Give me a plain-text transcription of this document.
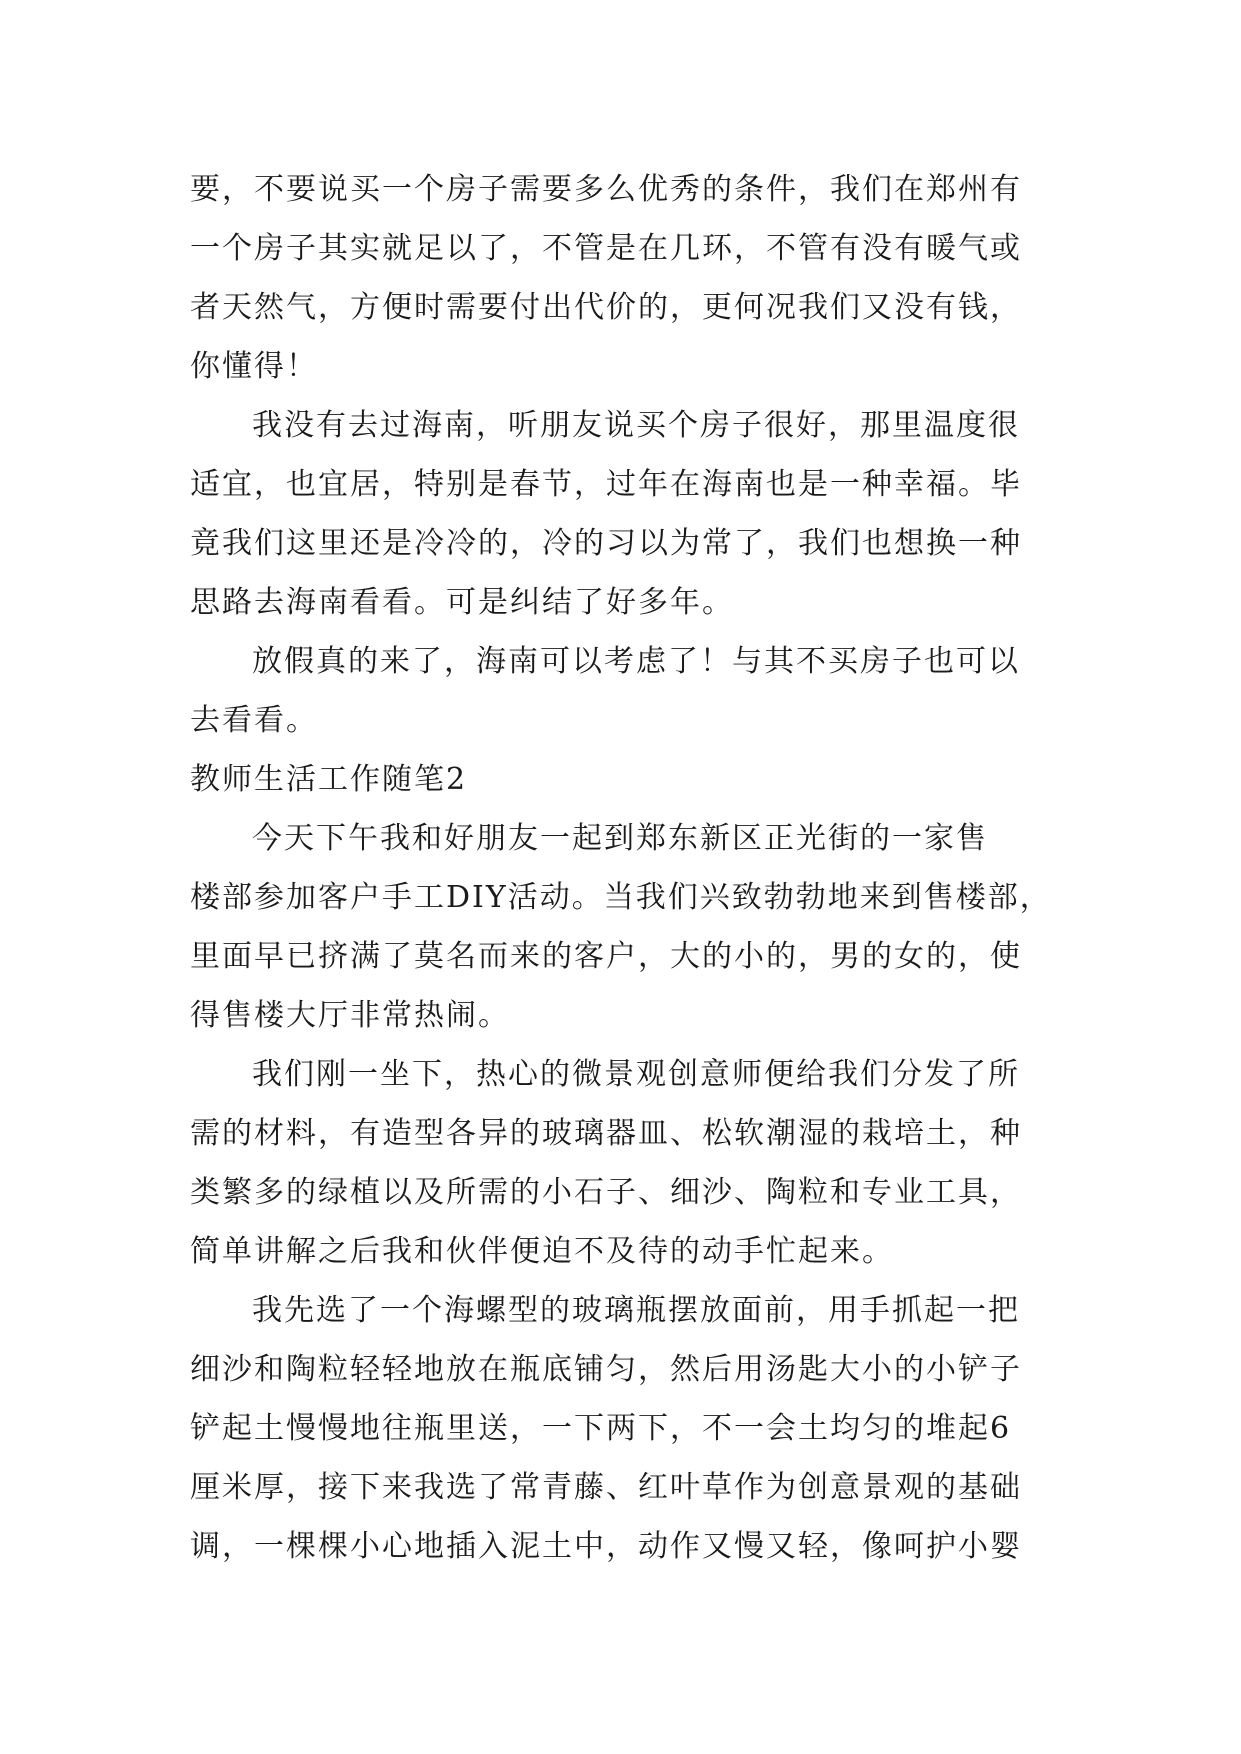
要，不要说买一个房子需要多么优秀的条件，我们在郑州有
一个房子其实就足以了，不管是在几环，不管有没有暖气或
者天然气，方便时需要付出代价的，更何况我们又没有钱，
你懂得！
我没有去过海南，听朋友说买个房子很好，那里温度很
适宜，也宜居，特别是春节，过年在海南也是一种幸福。毕
竟我们这里还是冷冷的，冷的习以为常了，我们也想换一种
思路去海南看看。可是纠结了好多年。
放假真的来了，海南可以考虑了！与其不买房子也可以
去看看。
教师生活工作随笔2
今天下午我和好朋友一起到郑东新区正光街的一家售
楼部参加客户手工DIY活动。当我们兴致勃勃地来到售楼部，
里面早已挤满了莫名而来的客户，大的小的，男的女的，使
得售楼大厅非常热闹。
我们刚一坐下，热心的微景观创意师便给我们分发了所
需的材料，有造型各异的玻璃器皿、松软潮湿的栽培土，种
类繁多的绿植以及所需的小石子、细沙、陶粒和专业工具，
简单讲解之后我和伙伴便迫不及待的动手忙起来。
我先选了一个海螺型的玻璃瓶摆放面前，用手抓起一把
细沙和陶粒轻轻地放在瓶底铺匀，然后用汤匙大小的小铲子
铲起土慢慢地往瓶里送，一下两下，不一会土均匀的堆起6
厘米厚，接下来我选了常青藤、红叶草作为创意景观的基础
调，一棵棵小心地插入泥土中，动作又慢又轻，像呵护小婴
